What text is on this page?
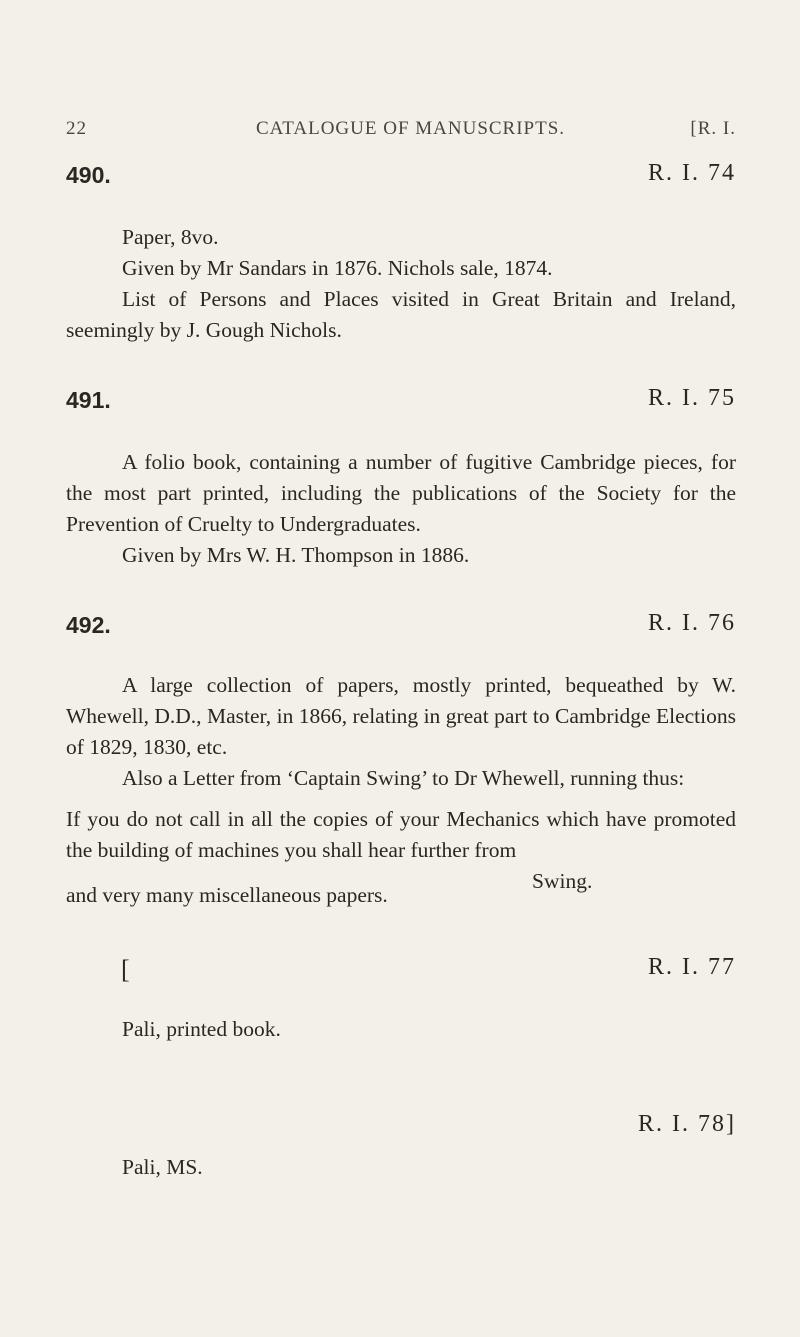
22	CATALOGUE OF MANUSCRIPTS.	[R. I.
490.	R. I. 74

Paper, 8vo.

Given by Mr Sandars in 1876. Nichols sale, 1874.

List of Persons and Places visited in Great Britain and Ireland, seemingly by J. Gough Nichols.

491.	R. I. 75

A folio book, containing a number of fugitive Cambridge pieces, for the most part printed, including the publications of the Society for the Prevention of Cruelty to Undergraduates.

Given by Mrs W. H. Thompson in 1886.

492.	R. I. 76

A large collection of papers, mostly printed, bequeathed by W. Whewell, D.D., Master, in 1866, relating in great part to Cambridge Elections of 1829, 1830, etc.

Also a Letter from ‘Captain Swing’ to Dr Whewell, running thus:

If you do not call in all the copies of your Mechanics which have promoted the building of machines you shall hear further from

Swing.

and very many miscellaneous papers.

[	R. I. 77

Pali, printed book.

R. I. 78]

Pali, MS.
